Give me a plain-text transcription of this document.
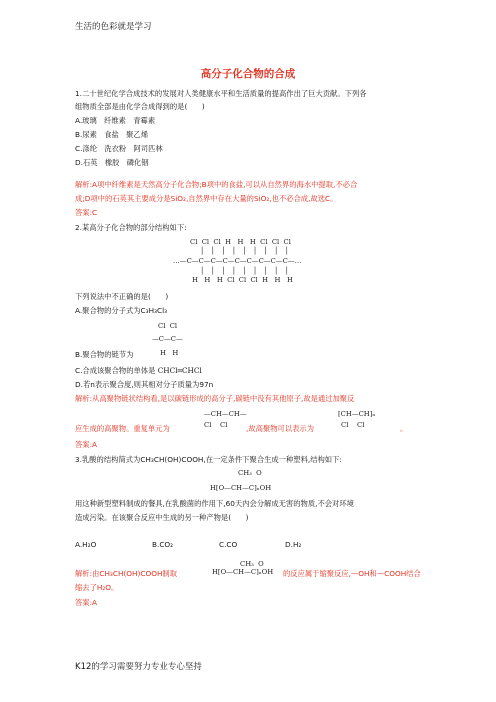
生活的色彩就是学习
高分子化合物的合成
1.二十世纪化学合成技术的发展对人类健康水平和生活质量的提高作出了巨大贡献。下列各
组物质全部是由化学合成得到的是(　　)
A.玻璃　纤维素　青霉素
B.尿素　食盐　聚乙烯
C.涤纶　洗衣粉　阿司匹林
D.石英　橡胶　磷化铟
解析:A项中纤维素是天然高分子化合物;B项中的食盐,可以从自然界的海水中提取,不必合
成;D项中的石英其主要成分是SiO₂,自然界中存在大量的SiO₂,也不必合成,故选C。
答案:C
2.某高分子化合物的部分结构如下:
Cl  Cl  Cl  H   H   H  Cl  Cl  Cl
│   │   │   │   │   │   │   │   │
…—C—C—C—C—C—C—C—C—C—…
│   │   │   │   │   │   │   │   │
H   H   H  Cl  Cl  Cl  H   H   H
下列说法中不正确的是(　　)
A.聚合物的分子式为C₃H₃Cl₃
Cl  Cl
—C—C—
H   H
B.聚合物的链节为
C.合成该聚合物的单体是 CHCl═CHCl
D.若n表示聚合度,则其相对分子质量为97n
解析:从高聚物链状结构看,是以碳链形成的高分子,碳链中没有其他原子,故是通过加聚反
—CH—CH—
Cl    Cl
[CH—CH]ₙ
Cl    Cl
应生成的高聚物。重复单元为	,故高聚物可以表示为	。
答案:A
3.乳酸的结构简式为CH₃CH(OH)COOH,在一定条件下聚合生成一种塑料,结构如下:
CH₃  O
H[O—CH—C]ₙOH
用这种新型塑料制成的餐具,在乳酸菌的作用下,60天内会分解成无害的物质,不会对环境
造成污染。在该聚合反应中生成的另一种产物是(　　)
A.H₂O	B.CO₂	C.CO	D.H₂
CH₃  O
H[O—CH—C]ₙOH
解析:由CH₃CH(OH)COOH制取	的反应属于缩聚反应,—OH和—COOH结合
缩去了H₂O。
答案:A
K12的学习需要努力专业专心坚持
